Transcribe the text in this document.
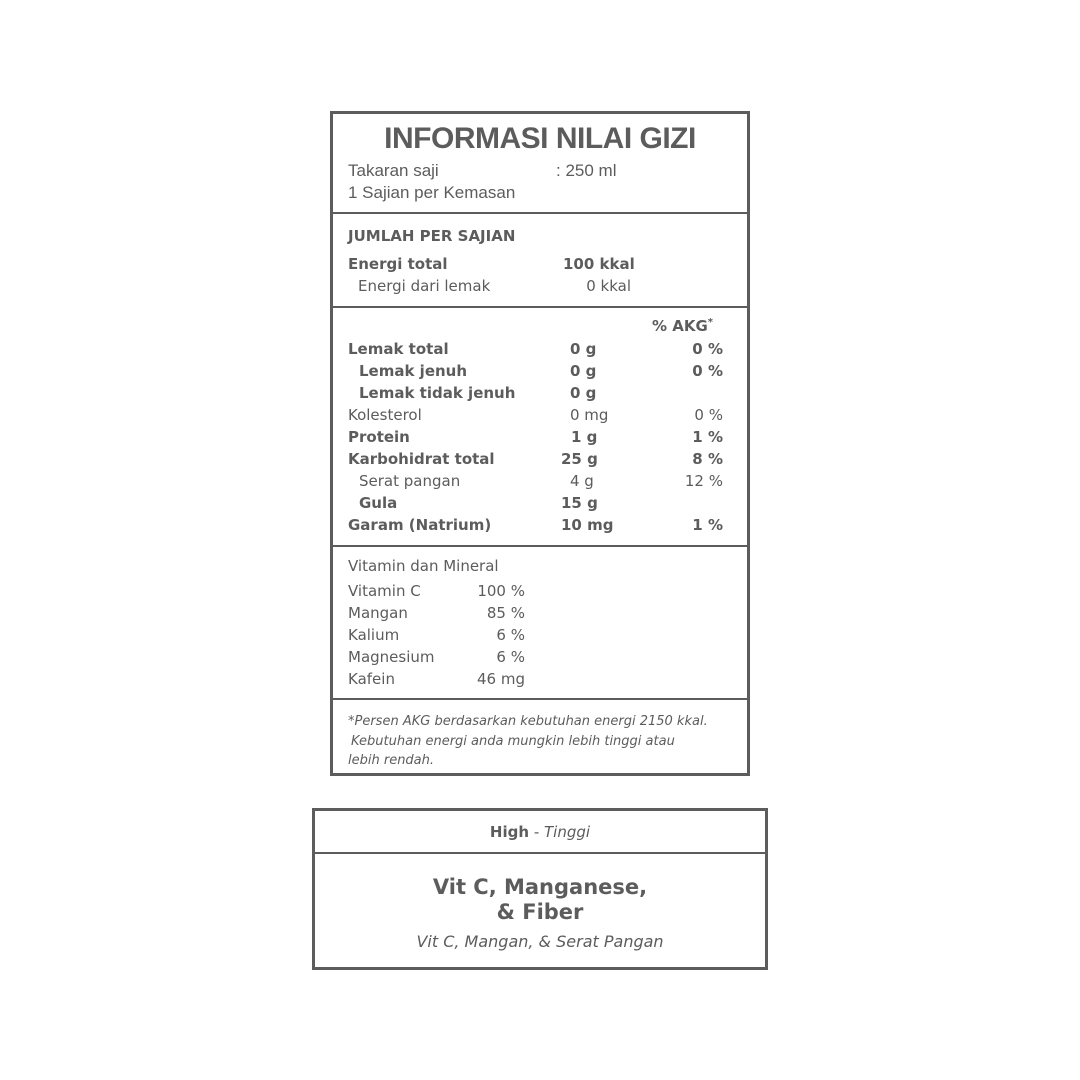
INFORMASI NILAI GIZI
Takaran saji	: 250 ml
1 Sajian per Kemasan
JUMLAH PER SAJIAN
Energi total	100 kkal
Energi dari lemak	0 kkal
% AKG*
Lemak total	0 g	0 %
Lemak jenuh	0 g	0 %
Lemak tidak jenuh	0 g
Kolesterol	0 mg	0 %
Protein	1 g	1 %
Karbohidrat total	25 g	8 %
Serat pangan	4 g	12 %
Gula	15 g
Garam (Natrium)	10 mg	1 %
Vitamin dan Mineral
Vitamin C	100 %
Mangan	85 %
Kalium	6 %
Magnesium	6 %
Kafein	46 mg
*Persen AKG berdasarkan kebutuhan energi 2150 kkal.
Kebutuhan energi anda mungkin lebih tinggi atau
lebih rendah.
High - Tinggi
Vit C, Manganese,
& Fiber
Vit C, Mangan, & Serat Pangan
